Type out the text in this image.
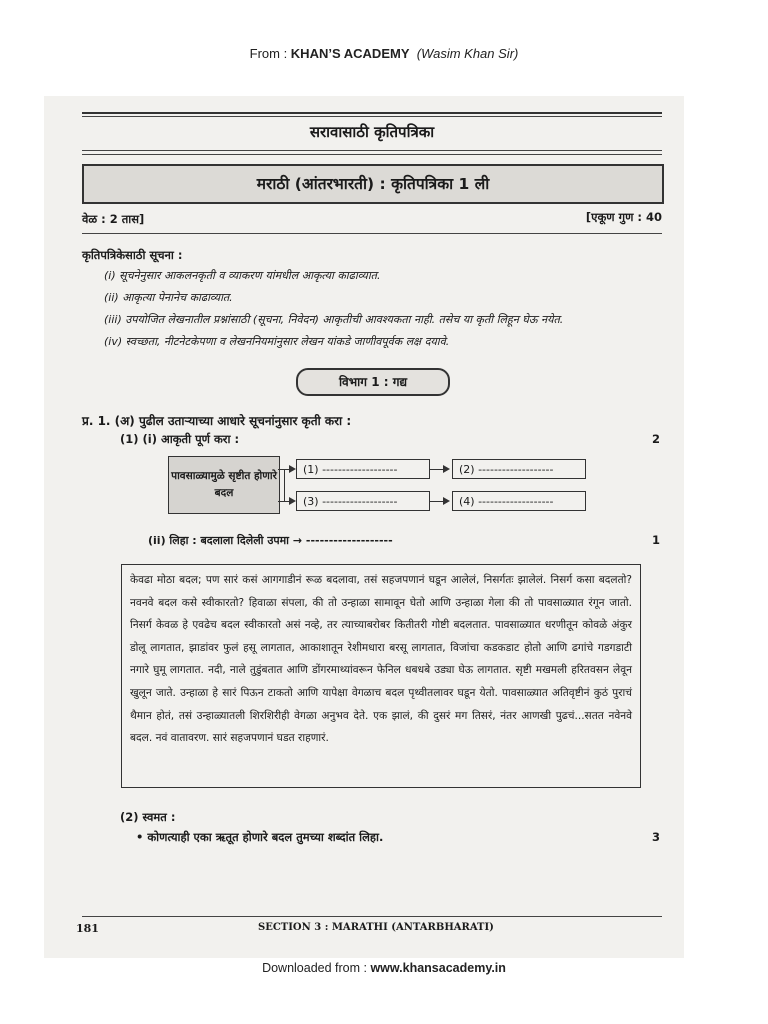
From : KHAN’S ACADEMY (Wasim Khan Sir)
सरावासाठी कृतिपत्रिका
मराठी (आंतरभारती) : कृतिपत्रिका 1 ली
वेळ : 2 तास]	[एकूण गुण : 40
कृतिपत्रिकेसाठी सूचना :
(i) सूचनेनुसार आकलनकृती व व्याकरण यांमधील आकृत्या काढाव्यात.
(ii) आकृत्या पेनानेच काढाव्यात.
(iii) उपयोजित लेखनातील प्रश्नांसाठी (सूचना, निवेदन) आकृतीची आवश्यकता नाही. तसेच या कृती लिहून घेऊ नयेत.
(iv) स्वच्छता, नीटनेटकेपणा व लेखननियमांनुसार लेखन यांकडे जाणीवपूर्वक लक्ष दयावे.
विभाग 1 : गद्य
प्र. 1. (अ) पुढील उताऱ्याच्या आधारे सूचनांनुसार कृती करा :
(1) (i) आकृती पूर्ण करा :	2
पावसाळ्यामुळे सृष्टीत होणारे बदल
(1) -------------------	(2) -------------------
(3) -------------------	(4) -------------------
(ii) लिहा : बदलाला दिलेली उपमा → -------------------	1
केवढा मोठा बदल; पण सारं कसं आगगाडीनं रूळ बदलावा, तसं सहजपणानं घडून आलेलं, निसर्गतः झालेलं. निसर्ग कसा बदलतो? नवनवे बदल कसे स्वीकारतो? हिवाळा संपला, की तो उन्हाळा सामावून घेतो आणि उन्हाळा गेला की तो पावसाळ्यात रंगून जातो. निसर्ग केवळ हे एवढेच बदल स्वीकारतो असं नव्हे, तर त्याच्याबरोबर कितीतरी गोष्टी बदलतात. पावसाळ्यात धरणीतून कोवळे अंकुर डोलू लागतात, झाडांवर फुलं हसू लागतात, आकाशातून रेशीमधारा बरसू लागतात, विजांचा कडकडाट होतो आणि ढगांचे गडगडाटी नगारे घुमू लागतात. नदी, नाले तुडुंबतात आणि डोंगरमाथ्यांवरून फेनिल धबधबे उड्या घेऊ लागतात. सृष्टी मखमली हरितवसन लेवून खुलून जाते. उन्हाळा हे सारं पिऊन टाकतो आणि यापेक्षा वेगळाच बदल पृथ्वीतलावर घडून येतो. पावसाळ्यात अतिवृष्टीनं कुठं पुराचं थैमान होतं, तसं उन्हाळ्यातली शिरशिरीही वेगळा अनुभव देते. एक झालं, की दुसरं मग तिसरं, नंतर आणखी पुढचं...सतत नवेनवे बदल. नवं वातावरण. सारं सहजपणानं घडत राहणारं.
(2) स्वमत :
• कोणत्याही एका ऋतूत होणारे बदल तुमच्या शब्दांत लिहा.	3
181	SECTION 3 : MARATHI (ANTARBHARATI)
Downloaded from : www.khansacademy.in
